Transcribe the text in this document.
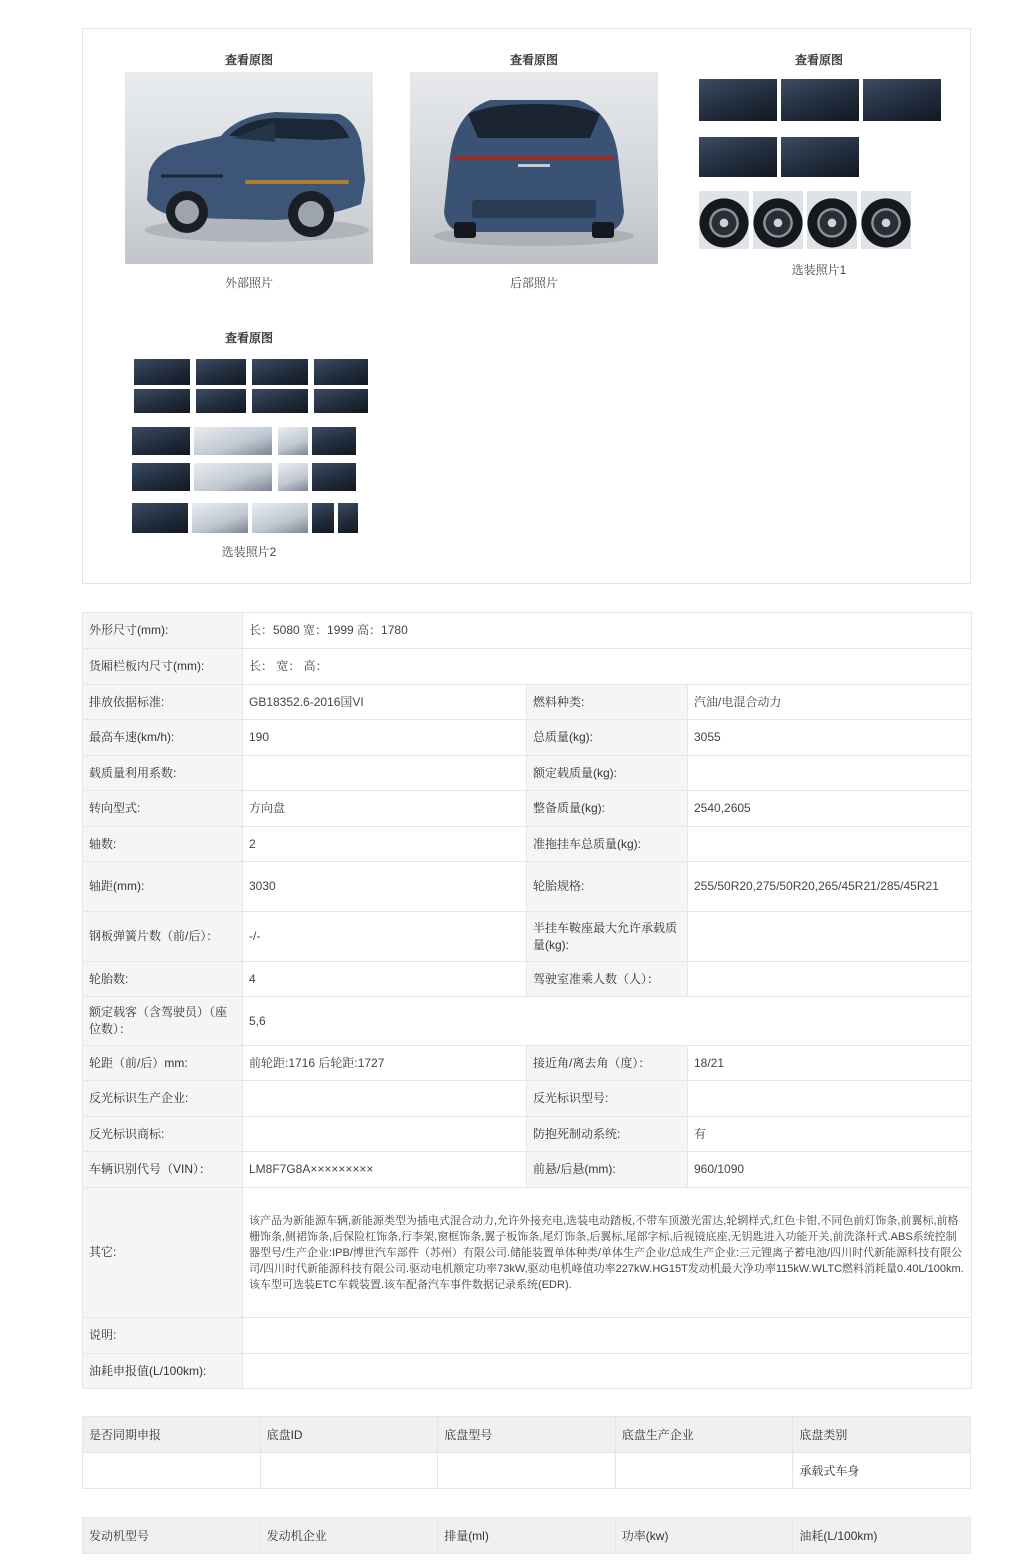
查看原图
外部照片
查看原图
后部照片
查看原图
选装照片1
查看原图
选装照片2
外形尺寸(mm):	长：5080 宽：1999 高：1780		
货厢栏板内尺寸(mm):	长： 宽： 高：		
排放依据标准:	GB18352.6-2016国VI	燃料种类:	汽油/电混合动力
最高车速(km/h):	190	总质量(kg):	3055
载质量利用系数:		额定载质量(kg):	
转向型式:	方向盘	整备质量(kg):	2540,2605
轴数:	2	准拖挂车总质量(kg):	
轴距(mm):	3030	轮胎规格:	255/50R20,275/50R20,265/45R21/285/45R21
钢板弹簧片数（前/后）：	-/-	半挂车鞍座最大允许承载质量(kg):	
轮胎数:	4	驾驶室准乘人数（人）：	
额定载客（含驾驶员）（座位数）：	5,6		
轮距（前/后）mm:	前轮距:1716 后轮距:1727	接近角/离去角（度）：	18/21
反光标识生产企业:		反光标识型号:	
反光标识商标:		防抱死制动系统:	有
车辆识别代号（VIN）：	LM8F7G8A×××××××××	前悬/后悬(mm):	960/1090
其它:	该产品为新能源车辆,新能源类型为插电式混合动力,允许外接充电,选装电动踏板,不带车顶激光雷达,轮辋样式,红色卡钳,不同色前灯饰条,前翼标,前格栅饰条,侧裙饰条,后保险杠饰条,行李架,窗框饰条,翼子板饰条,尾灯饰条,后翼标,尾部字标,后视镜底座,无钥匙进入功能开关,前洗涤杆式.ABS系统控制器型号/生产企业:IPB/博世汽车部件（苏州）有限公司.储能装置单体种类/单体生产企业/总成生产企业:三元锂离子蓄电池/四川时代新能源科技有限公司/四川时代新能源科技有限公司.驱动电机额定功率73kW,驱动电机峰值功率227kW.HG15T发动机最大净功率115kW.WLTC燃料消耗量0.40L/100km.该车型可选装ETC车载装置.该车配备汽车事件数据记录系统(EDR).		
说明:			
油耗申报值(L/100km):			
是否同期申报	底盘ID	底盘型号	底盘生产企业	底盘类别
				承载式车身
发动机型号	发动机企业	排量(ml)	功率(kw)	油耗(L/100km)
